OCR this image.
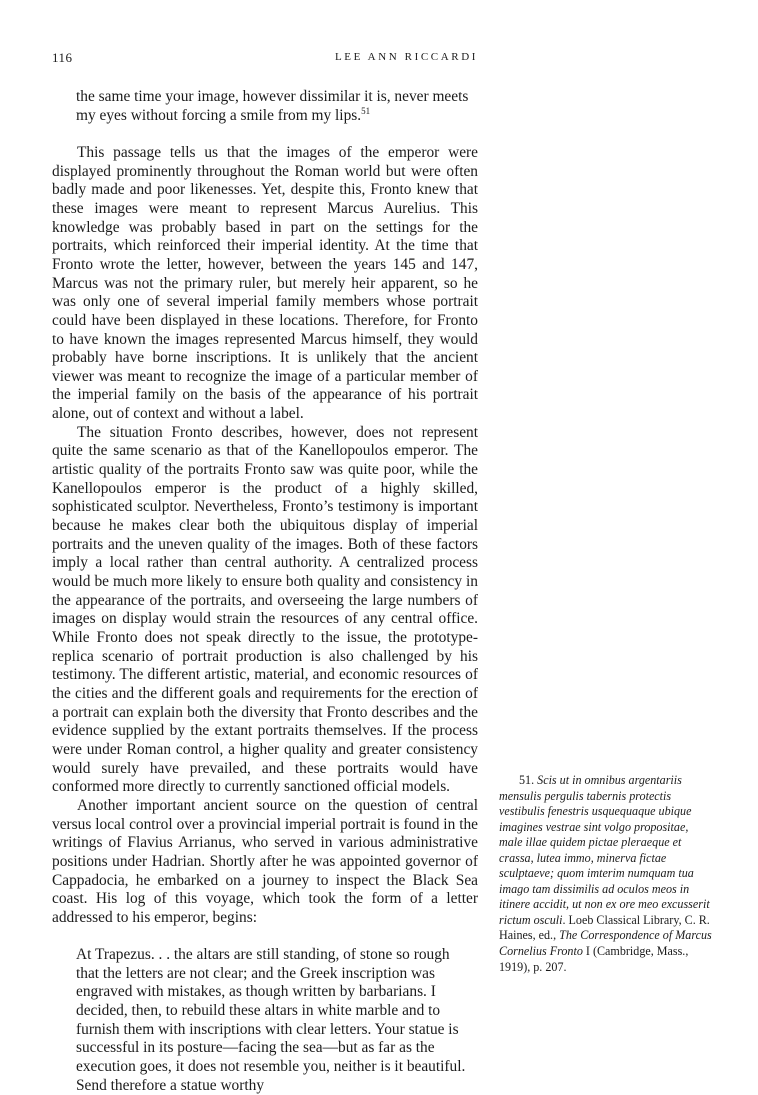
116	LEE ANN RICCARDI
the same time your image, however dissimilar it is, never meets my eyes without forcing a smile from my lips.$^{51}$

This passage tells us that the images of the emperor were displayed prominently throughout the Roman world but were often badly made and poor likenesses. Yet, despite this, Fronto knew that these images were meant to represent Marcus Aurelius. This knowledge was probably based in part on the settings for the portraits, which reinforced their imperial identity. At the time that Fronto wrote the letter, however, between the years 145 and 147, Marcus was not the primary ruler, but merely heir apparent, so he was only one of several imperial family members whose portrait could have been displayed in these locations. Therefore, for Fronto to have known the images represented Marcus himself, they would probably have borne inscriptions. It is unlikely that the ancient viewer was meant to recognize the image of a particular member of the imperial family on the basis of the appearance of his portrait alone, out of context and without a label.

The situation Fronto describes, however, does not represent quite the same scenario as that of the Kanellopoulos emperor. The artistic quality of the portraits Fronto saw was quite poor, while the Kanellopoulos emperor is the product of a highly skilled, sophisticated sculptor. Nevertheless, Fronto’s testimony is important because he makes clear both the ubiquitous display of imperial portraits and the uneven quality of the images. Both of these factors imply a local rather than central authority. A centralized process would be much more likely to ensure both quality and consistency in the appearance of the portraits, and overseeing the large numbers of images on display would strain the resources of any central office. While Fronto does not speak directly to the issue, the prototype-replica scenario of portrait production is also challenged by his testimony. The different artistic, material, and economic resources of the cities and the different goals and requirements for the erection of a portrait can explain both the diversity that Fronto describes and the evidence supplied by the extant portraits themselves. If the process were under Roman control, a higher quality and greater consistency would surely have prevailed, and these portraits would have conformed more directly to currently sanctioned official models.

Another important ancient source on the question of central versus local control over a provincial imperial portrait is found in the writings of Flavius Arrianus, who served in various administrative positions under Hadrian. Shortly after he was appointed governor of Cappadocia, he embarked on a journey to inspect the Black Sea coast. His log of this voyage, which took the form of a letter addressed to his emperor, begins:

At Trapezus. . . the altars are still standing, of stone so rough that the letters are not clear; and the Greek inscription was engraved with mistakes, as though written by barbarians. I decided, then, to rebuild these altars in white marble and to furnish them with inscriptions with clear letters. Your statue is successful in its posture—facing the sea—but as far as the execution goes, it does not resemble you, neither is it beautiful. Send therefore a statue worthy
51. Scis ut in omnibus argentariis mensulis pergulis tabernis protectis vestibulis fenestris usquequaque ubique imagines vestrae sint volgo propositae, male illae quidem pictae pleraeque et crassa, lutea immo, minerva fictae sculptaeve; quom imterim numquam tua imago tam dissimilis ad oculos meos in itinere accidit, ut non ex ore meo excusserit rictum osculi. Loeb Classical Library, C. R. Haines, ed., The Correspondence of Marcus Cornelius Fronto I (Cambridge, Mass., 1919), p. 207.
